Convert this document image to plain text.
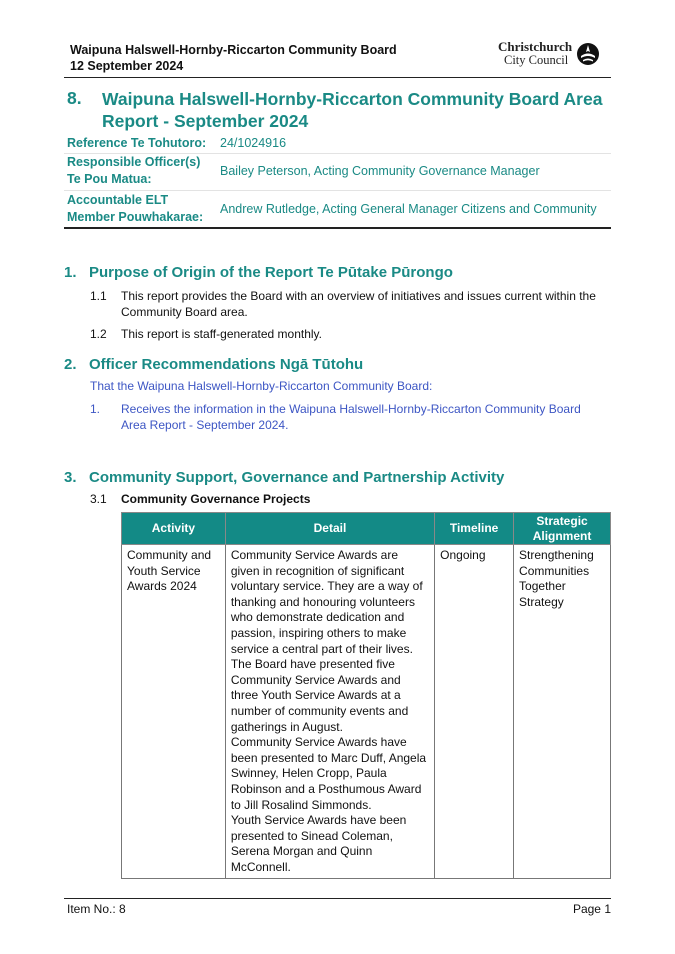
Waipuna Halswell-Hornby-Riccarton Community Board
12 September 2024
Christchurch
City Council
8. Waipuna Halswell-Hornby-Riccarton Community Board Area Report - September 2024
Reference Te Tohutoro:	24/1024916
Responsible Officer(s) Te Pou Matua:
Bailey Peterson, Acting Community Governance Manager
Accountable ELT Member Pouwhakarae:
Andrew Rutledge, Acting General Manager Citizens and Community
1. Purpose of Origin of the Report Te Pūtake Pūrongo
1.1 This report provides the Board with an overview of initiatives and issues current within the Community Board area.
1.2 This report is staff-generated monthly.
2. Officer Recommendations Ngā Tūtohu
That the Waipuna Halswell-Hornby-Riccarton Community Board:
1. Receives the information in the Waipuna Halswell-Hornby-Riccarton Community Board Area Report - September 2024.
3. Community Support, Governance and Partnership Activity
3.1 Community Governance Projects
Activity	Detail	Timeline	Strategic Alignment
Community and Youth Service Awards 2024	Community Service Awards are given in recognition of significant voluntary service. They are a way of thanking and honouring volunteers who demonstrate dedication and passion, inspiring others to make service a central part of their lives.

The Board have presented five Community Service Awards and three Youth Service Awards at a number of community events and gatherings in August.

Community Service Awards have been presented to Marc Duff, Angela Swinney, Helen Cropp, Paula Robinson and a Posthumous Award to Jill Rosalind Simmonds.

Youth Service Awards have been presented to Sinead Coleman, Serena Morgan and Quinn McConnell.	Ongoing	Strengthening Communities Together Strategy
Item No.: 8	Page 1
